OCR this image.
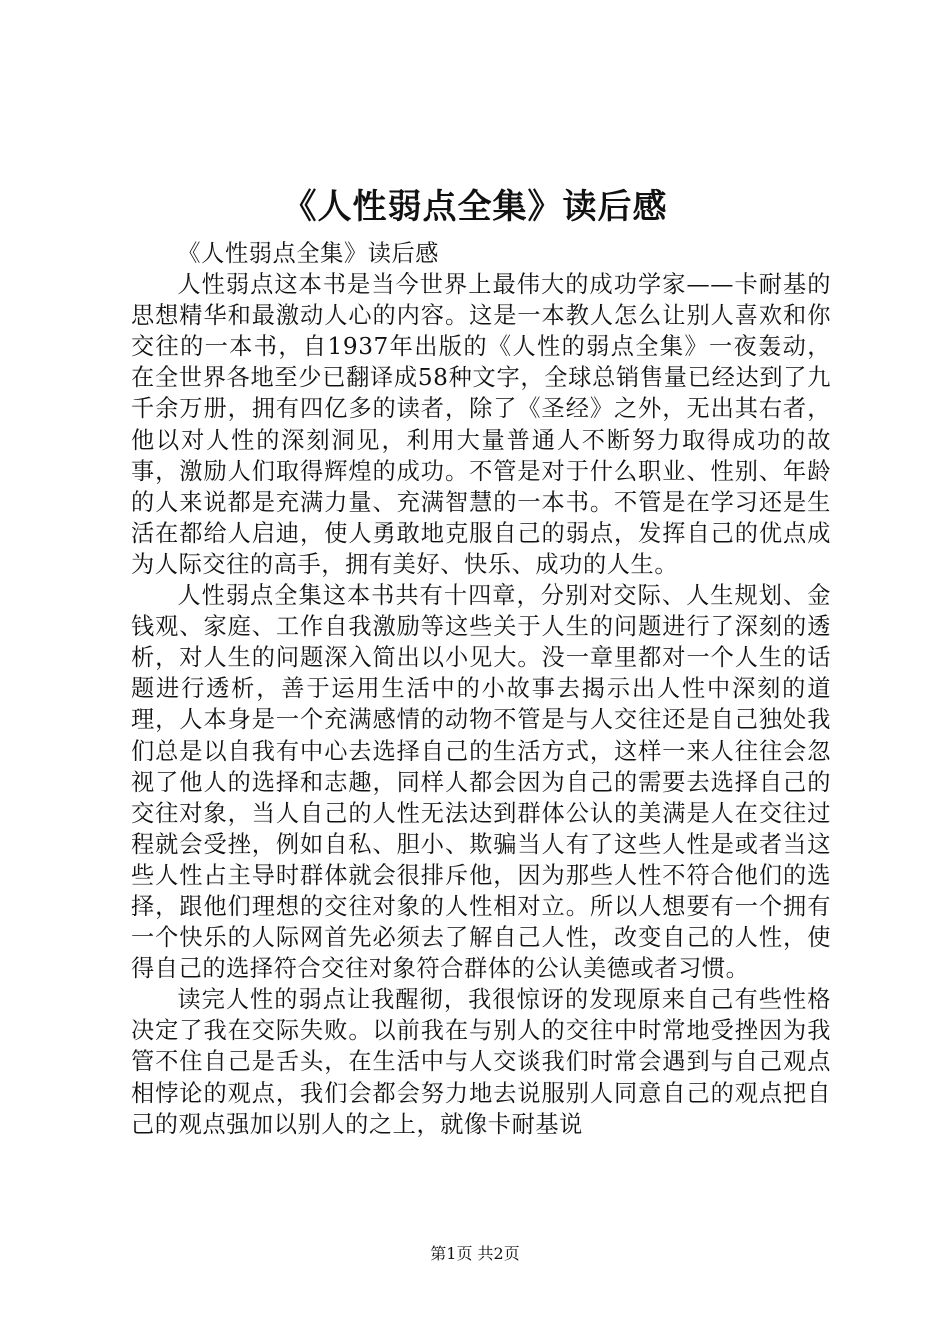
《人性弱点全集》读后感

《人性弱点全集》读后感

人性弱点这本书是当今世界上最伟大的成功学家——卡耐基的思想精华和最激动人心的内容。这是一本教人怎么让别人喜欢和你交往的一本书，自1937年出版的《人性的弱点全集》一夜轰动，在全世界各地至少已翻译成58种文字，全球总销售量已经达到了九千余万册，拥有四亿多的读者，除了《圣经》之外，无出其右者，他以对人性的深刻洞见，利用大量普通人不断努力取得成功的故事，激励人们取得辉煌的成功。不管是对于什么职业、性别、年龄的人来说都是充满力量、充满智慧的一本书。不管是在学习还是生活在都给人启迪，使人勇敢地克服自己的弱点，发挥自己的优点成为人际交往的高手，拥有美好、快乐、成功的人生。

人性弱点全集这本书共有十四章，分别对交际、人生规划、金钱观、家庭、工作自我激励等这些关于人生的问题进行了深刻的透析，对人生的问题深入简出以小见大。没一章里都对一个人生的话题进行透析，善于运用生活中的小故事去揭示出人性中深刻的道理，人本身是一个充满感情的动物不管是与人交往还是自己独处我们总是以自我有中心去选择自己的生活方式，这样一来人往往会忽视了他人的选择和志趣，同样人都会因为自己的需要去选择自己的交往对象，当人自己的人性无法达到群体公认的美满是人在交往过程就会受挫，例如自私、胆小、欺骗当人有了这些人性是或者当这些人性占主导时群体就会很排斥他，因为那些人性不符合他们的选择，跟他们理想的交往对象的人性相对立。所以人想要有一个拥有一个快乐的人际网首先必须去了解自己人性，改变自己的人性，使得自己的选择符合交往对象符合群体的公认美德或者习惯。

读完人性的弱点让我醒彻，我很惊讶的发现原来自己有些性格决定了我在交际失败。以前我在与别人的交往中时常地受挫因为我管不住自己是舌头，在生活中与人交谈我们时常会遇到与自己观点相悖论的观点，我们会都会努力地去说服别人同意自己的观点把自己的观点强加以别人的之上，就像卡耐基说

第1页 共2页
